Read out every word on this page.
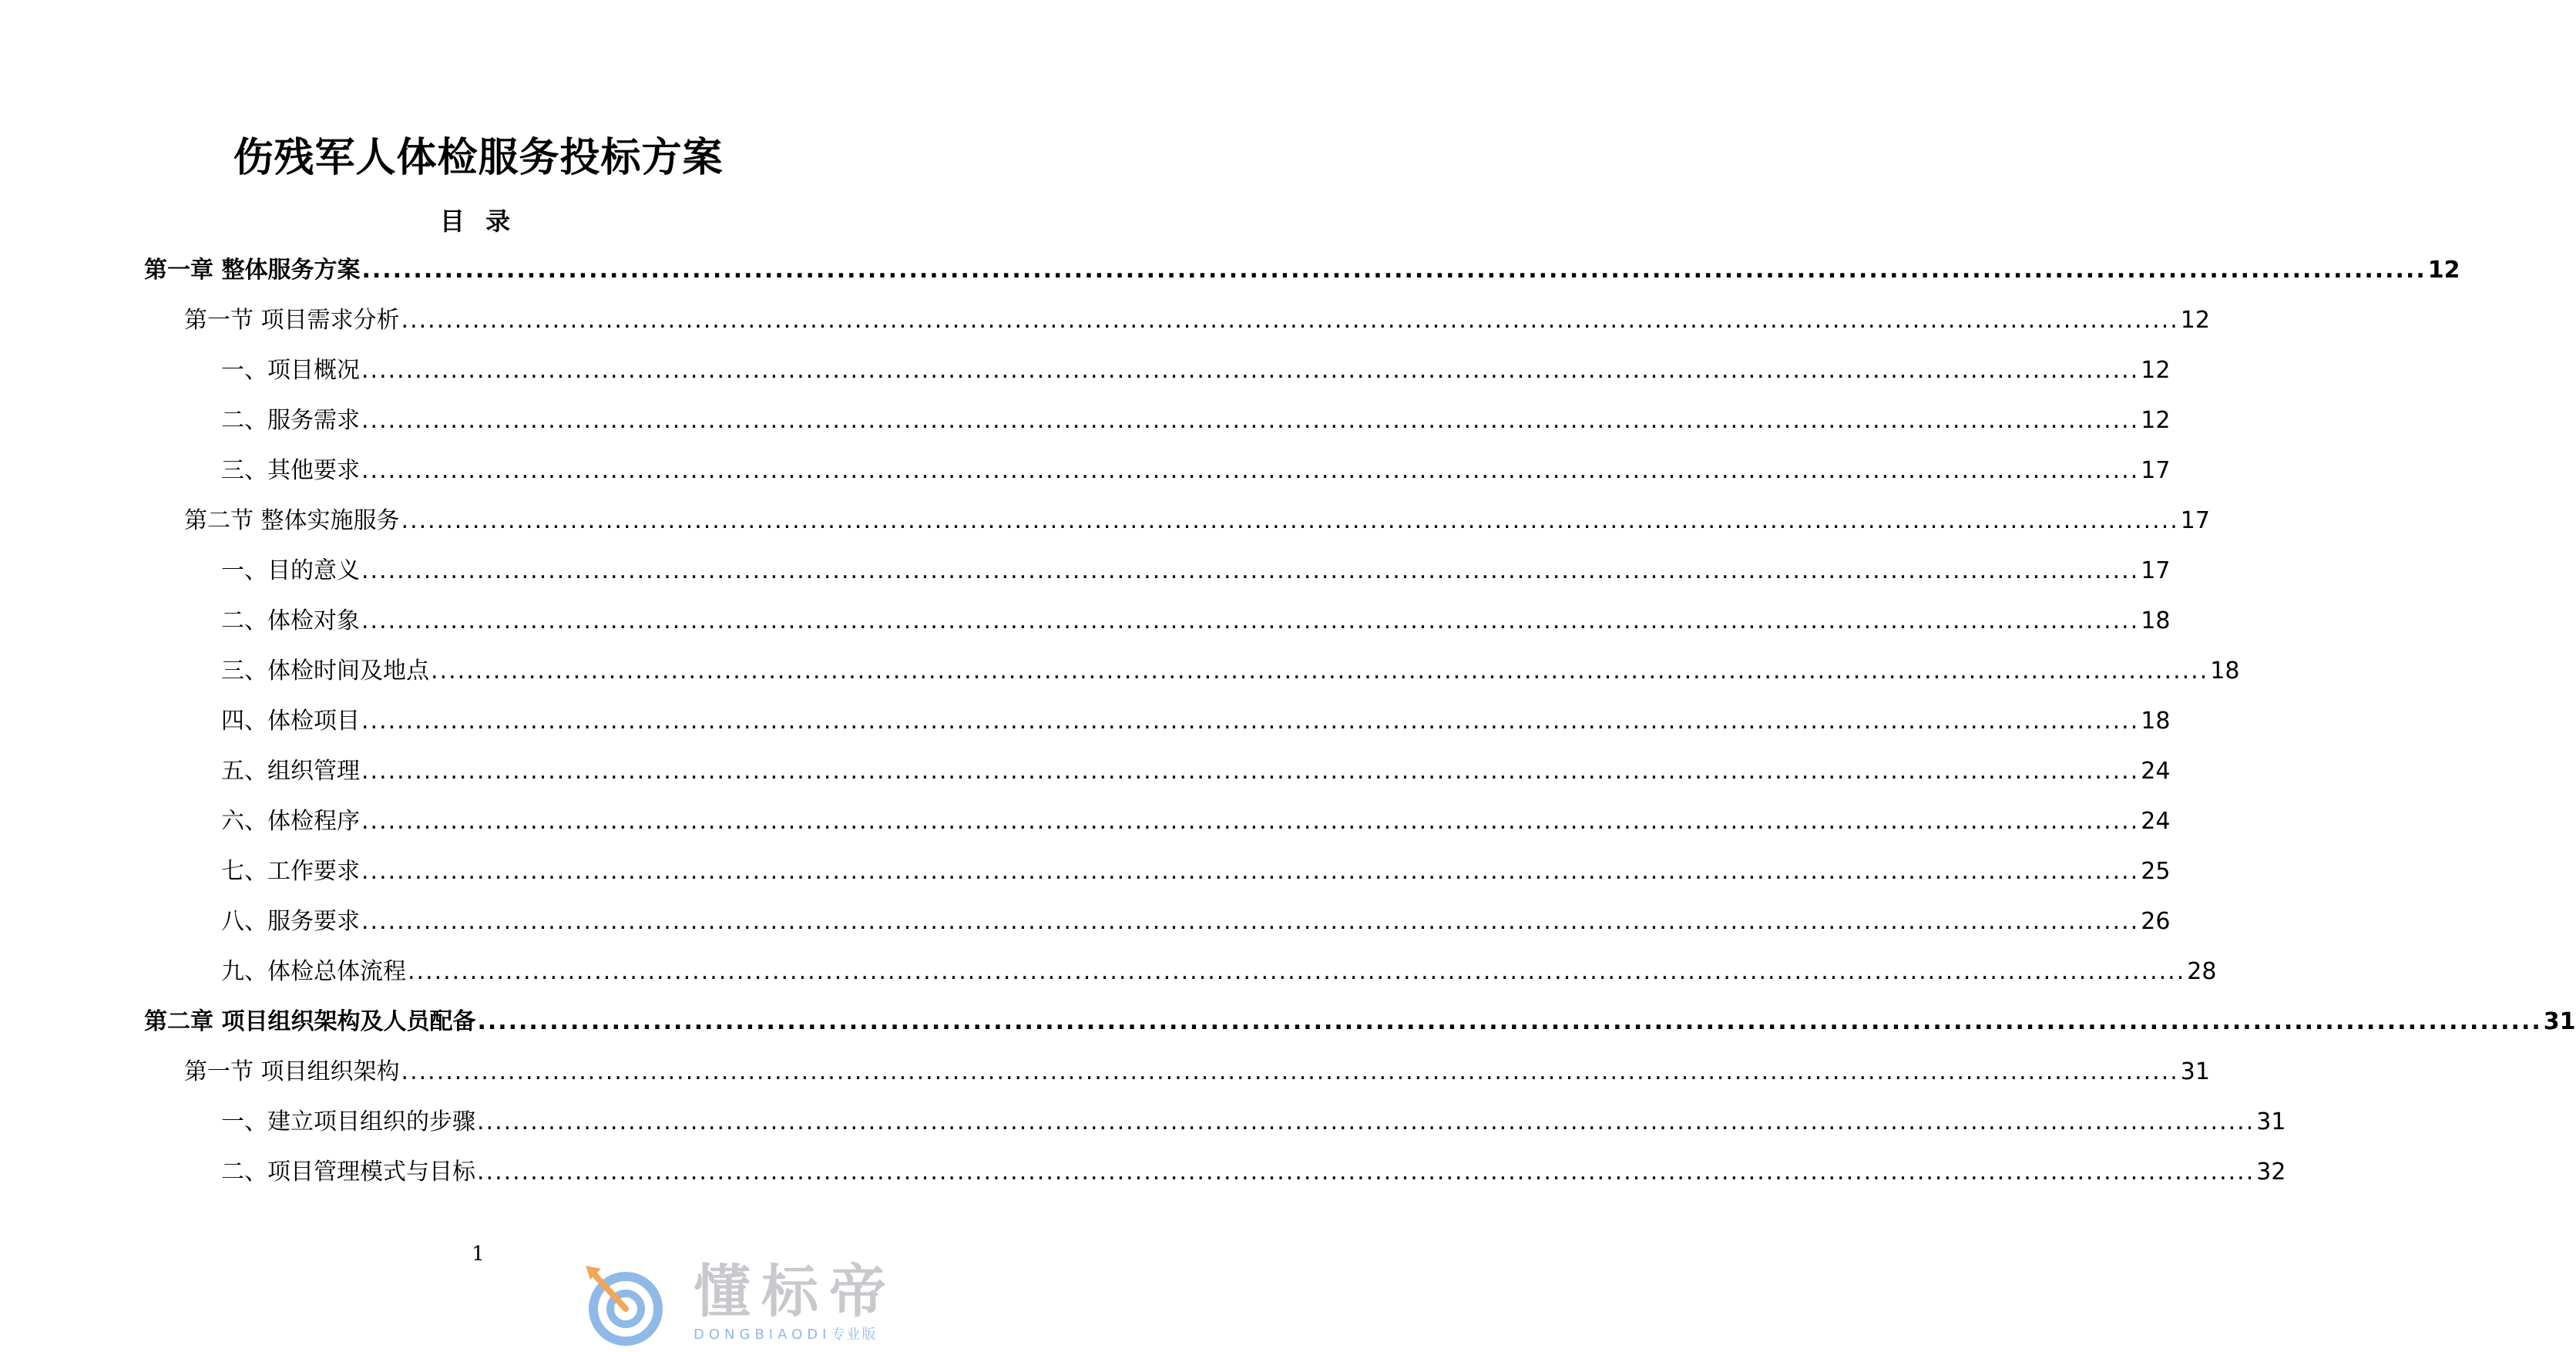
伤残军人体检服务投标方案
目 录
第一章 整体服务方案 ........................................................................................................................................................................................................ 12
第一节 项目需求分析 ........................................................................................................................................................................................................ 12
一、项目概况 ........................................................................................................................................................................................................ 12
二、服务需求 ........................................................................................................................................................................................................ 12
三、其他要求 ........................................................................................................................................................................................................ 17
第二节 整体实施服务 ........................................................................................................................................................................................................ 17
一、目的意义 ........................................................................................................................................................................................................ 17
二、体检对象 ........................................................................................................................................................................................................ 18
三、体检时间及地点 ........................................................................................................................................................................................................ 18
四、体检项目 ........................................................................................................................................................................................................ 18
五、组织管理 ........................................................................................................................................................................................................ 24
六、体检程序 ........................................................................................................................................................................................................ 24
七、工作要求 ........................................................................................................................................................................................................ 25
八、服务要求 ........................................................................................................................................................................................................ 26
九、体检总体流程 ........................................................................................................................................................................................................ 28
第二章 项目组织架构及人员配备 ........................................................................................................................................................................................................ 31
第一节 项目组织架构 ........................................................................................................................................................................................................ 31
一、建立项目组织的步骤 ........................................................................................................................................................................................................ 31
二、项目管理模式与目标 ........................................................................................................................................................................................................ 32
1
懂标帝
DONGBIAODI专业版
